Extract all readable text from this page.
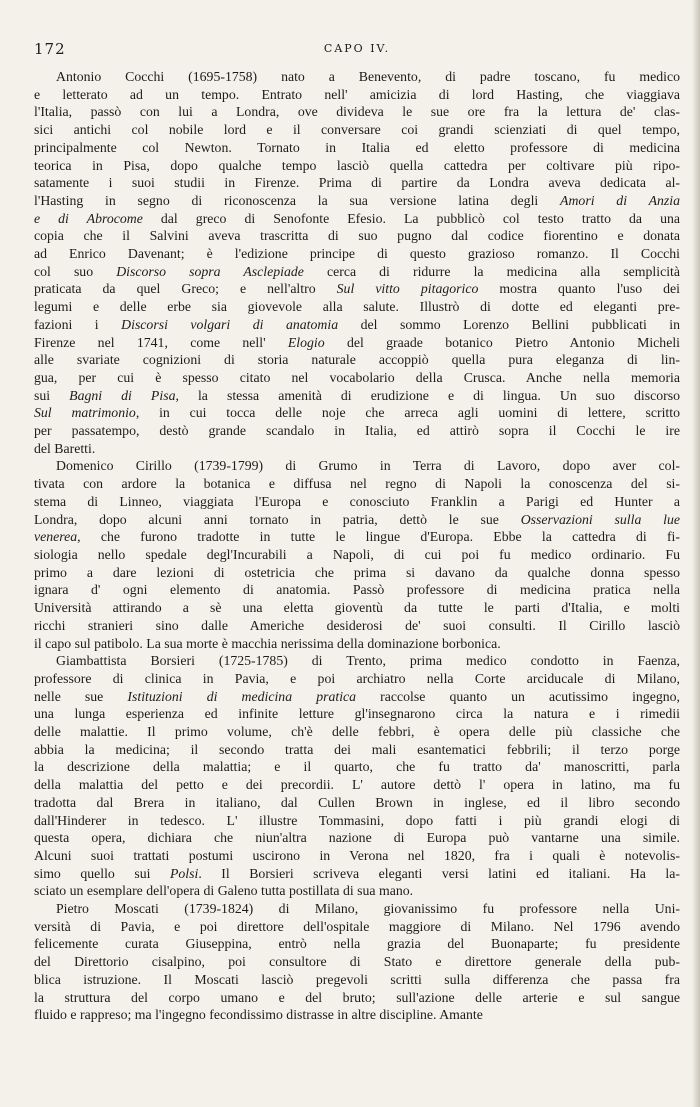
172	CAPO IV.
Antonio Cocchi (1695-1758) nato a Benevento, di padre toscano, fu medico
e letterato ad un tempo. Entrato nell' amicizia di lord Hasting, che viaggiava
l'Italia, passò con lui a Londra, ove divideva le sue ore fra la lettura de' clas-
sici antichi col nobile lord e il conversare coi grandi scienziati di quel tempo,
principalmente col Newton. Tornato in Italia ed eletto professore di medicina
teorica in Pisa, dopo qualche tempo lasciò quella cattedra per coltivare più ripo-
satamente i suoi studii in Firenze. Prima di partire da Londra aveva dedicata al-
l'Hasting in segno di riconoscenza la sua versione latina degli Amori di Anzia
e di Abrocome dal greco di Senofonte Efesio. La pubblicò col testo tratto da una
copia che il Salvini aveva trascritta di suo pugno dal codice fiorentino e donata
ad Enrico Davenant; è l'edizione principe di questo grazioso romanzo. Il Cocchi
col suo Discorso sopra Asclepiade cerca di ridurre la medicina alla semplicità
praticata da quel Greco; e nell'altro Sul vitto pitagorico mostra quanto l'uso dei
legumi e delle erbe sia giovevole alla salute. Illustrò di dotte ed eleganti pre-
fazioni i Discorsi volgari di anatomia del sommo Lorenzo Bellini pubblicati in
Firenze nel 1741, come nell' Elogio del graade botanico Pietro Antonio Micheli
alle svariate cognizioni di storia naturale accoppiò quella pura eleganza di lin-
gua, per cui è spesso citato nel vocabolario della Crusca. Anche nella memoria
sui Bagni di Pisa, la stessa amenità di erudizione e di lingua. Un suo discorso
Sul matrimonio, in cui tocca delle noje che arreca agli uomini di lettere, scritto
per passatempo, destò grande scandalo in Italia, ed attirò sopra il Cocchi le ire
del Baretti.
Domenico Cirillo (1739-1799) di Grumo in Terra di Lavoro, dopo aver col-
tivata con ardore la botanica e diffusa nel regno di Napoli la conoscenza del si-
stema di Linneo, viaggiata l'Europa e conosciuto Franklin a Parigi ed Hunter a
Londra, dopo alcuni anni tornato in patria, dettò le sue Osservazioni sulla lue
venerea, che furono tradotte in tutte le lingue d'Europa. Ebbe la cattedra di fi-
siologia nello spedale degl'Incurabili a Napoli, di cui poi fu medico ordinario. Fu
primo a dare lezioni di ostetricia che prima si davano da qualche donna spesso
ignara d' ogni elemento di anatomia. Passò professore di medicina pratica nella
Università attirando a sè una eletta gioventù da tutte le parti d'Italia, e molti
ricchi stranieri sino dalle Americhe desiderosi de' suoi consulti. Il Cirillo lasciò
il capo sul patibolo. La sua morte è macchia nerissima della dominazione borbonica.
Giambattista Borsieri (1725-1785) di Trento, prima medico condotto in Faenza,
professore di clinica in Pavia, e poi archiatro nella Corte arciducale di Milano,
nelle sue Istituzioni di medicina pratica raccolse quanto un acutissimo ingegno,
una lunga esperienza ed infinite letture gl'insegnarono circa la natura e i rimedii
delle malattie. Il primo volume, ch'è delle febbri, è opera delle più classiche che
abbia la medicina; il secondo tratta dei mali esantematici febbrili; il terzo porge
la descrizione della malattia; e il quarto, che fu tratto da' manoscritti, parla
della malattia del petto e dei precordii. L' autore dettò l' opera in latino, ma fu
tradotta dal Brera in italiano, dal Cullen Brown in inglese, ed il libro secondo
dall'Hinderer in tedesco. L' illustre Tommasini, dopo fatti i più grandi elogi di
questa opera, dichiara che niun'altra nazione di Europa può vantarne una simile.
Alcuni suoi trattati postumi uscirono in Verona nel 1820, fra i quali è notevolis-
simo quello sui Polsi. Il Borsieri scriveva eleganti versi latini ed italiani. Ha la-
sciato un esemplare dell'opera di Galeno tutta postillata di sua mano.
Pietro Moscati (1739-1824) di Milano, giovanissimo fu professore nella Uni-
versità di Pavia, e poi direttore dell'ospitale maggiore di Milano. Nel 1796 avendo
felicemente curata Giuseppina, entrò nella grazia del Buonaparte; fu presidente
del Direttorio cisalpino, poi consultore di Stato e direttore generale della pub-
blica istruzione. Il Moscati lasciò pregevoli scritti sulla differenza che passa fra
la struttura del corpo umano e del bruto; sull'azione delle arterie e sul sangue
fluido e rappreso; ma l'ingegno fecondissimo distrasse in altre discipline. Amante
